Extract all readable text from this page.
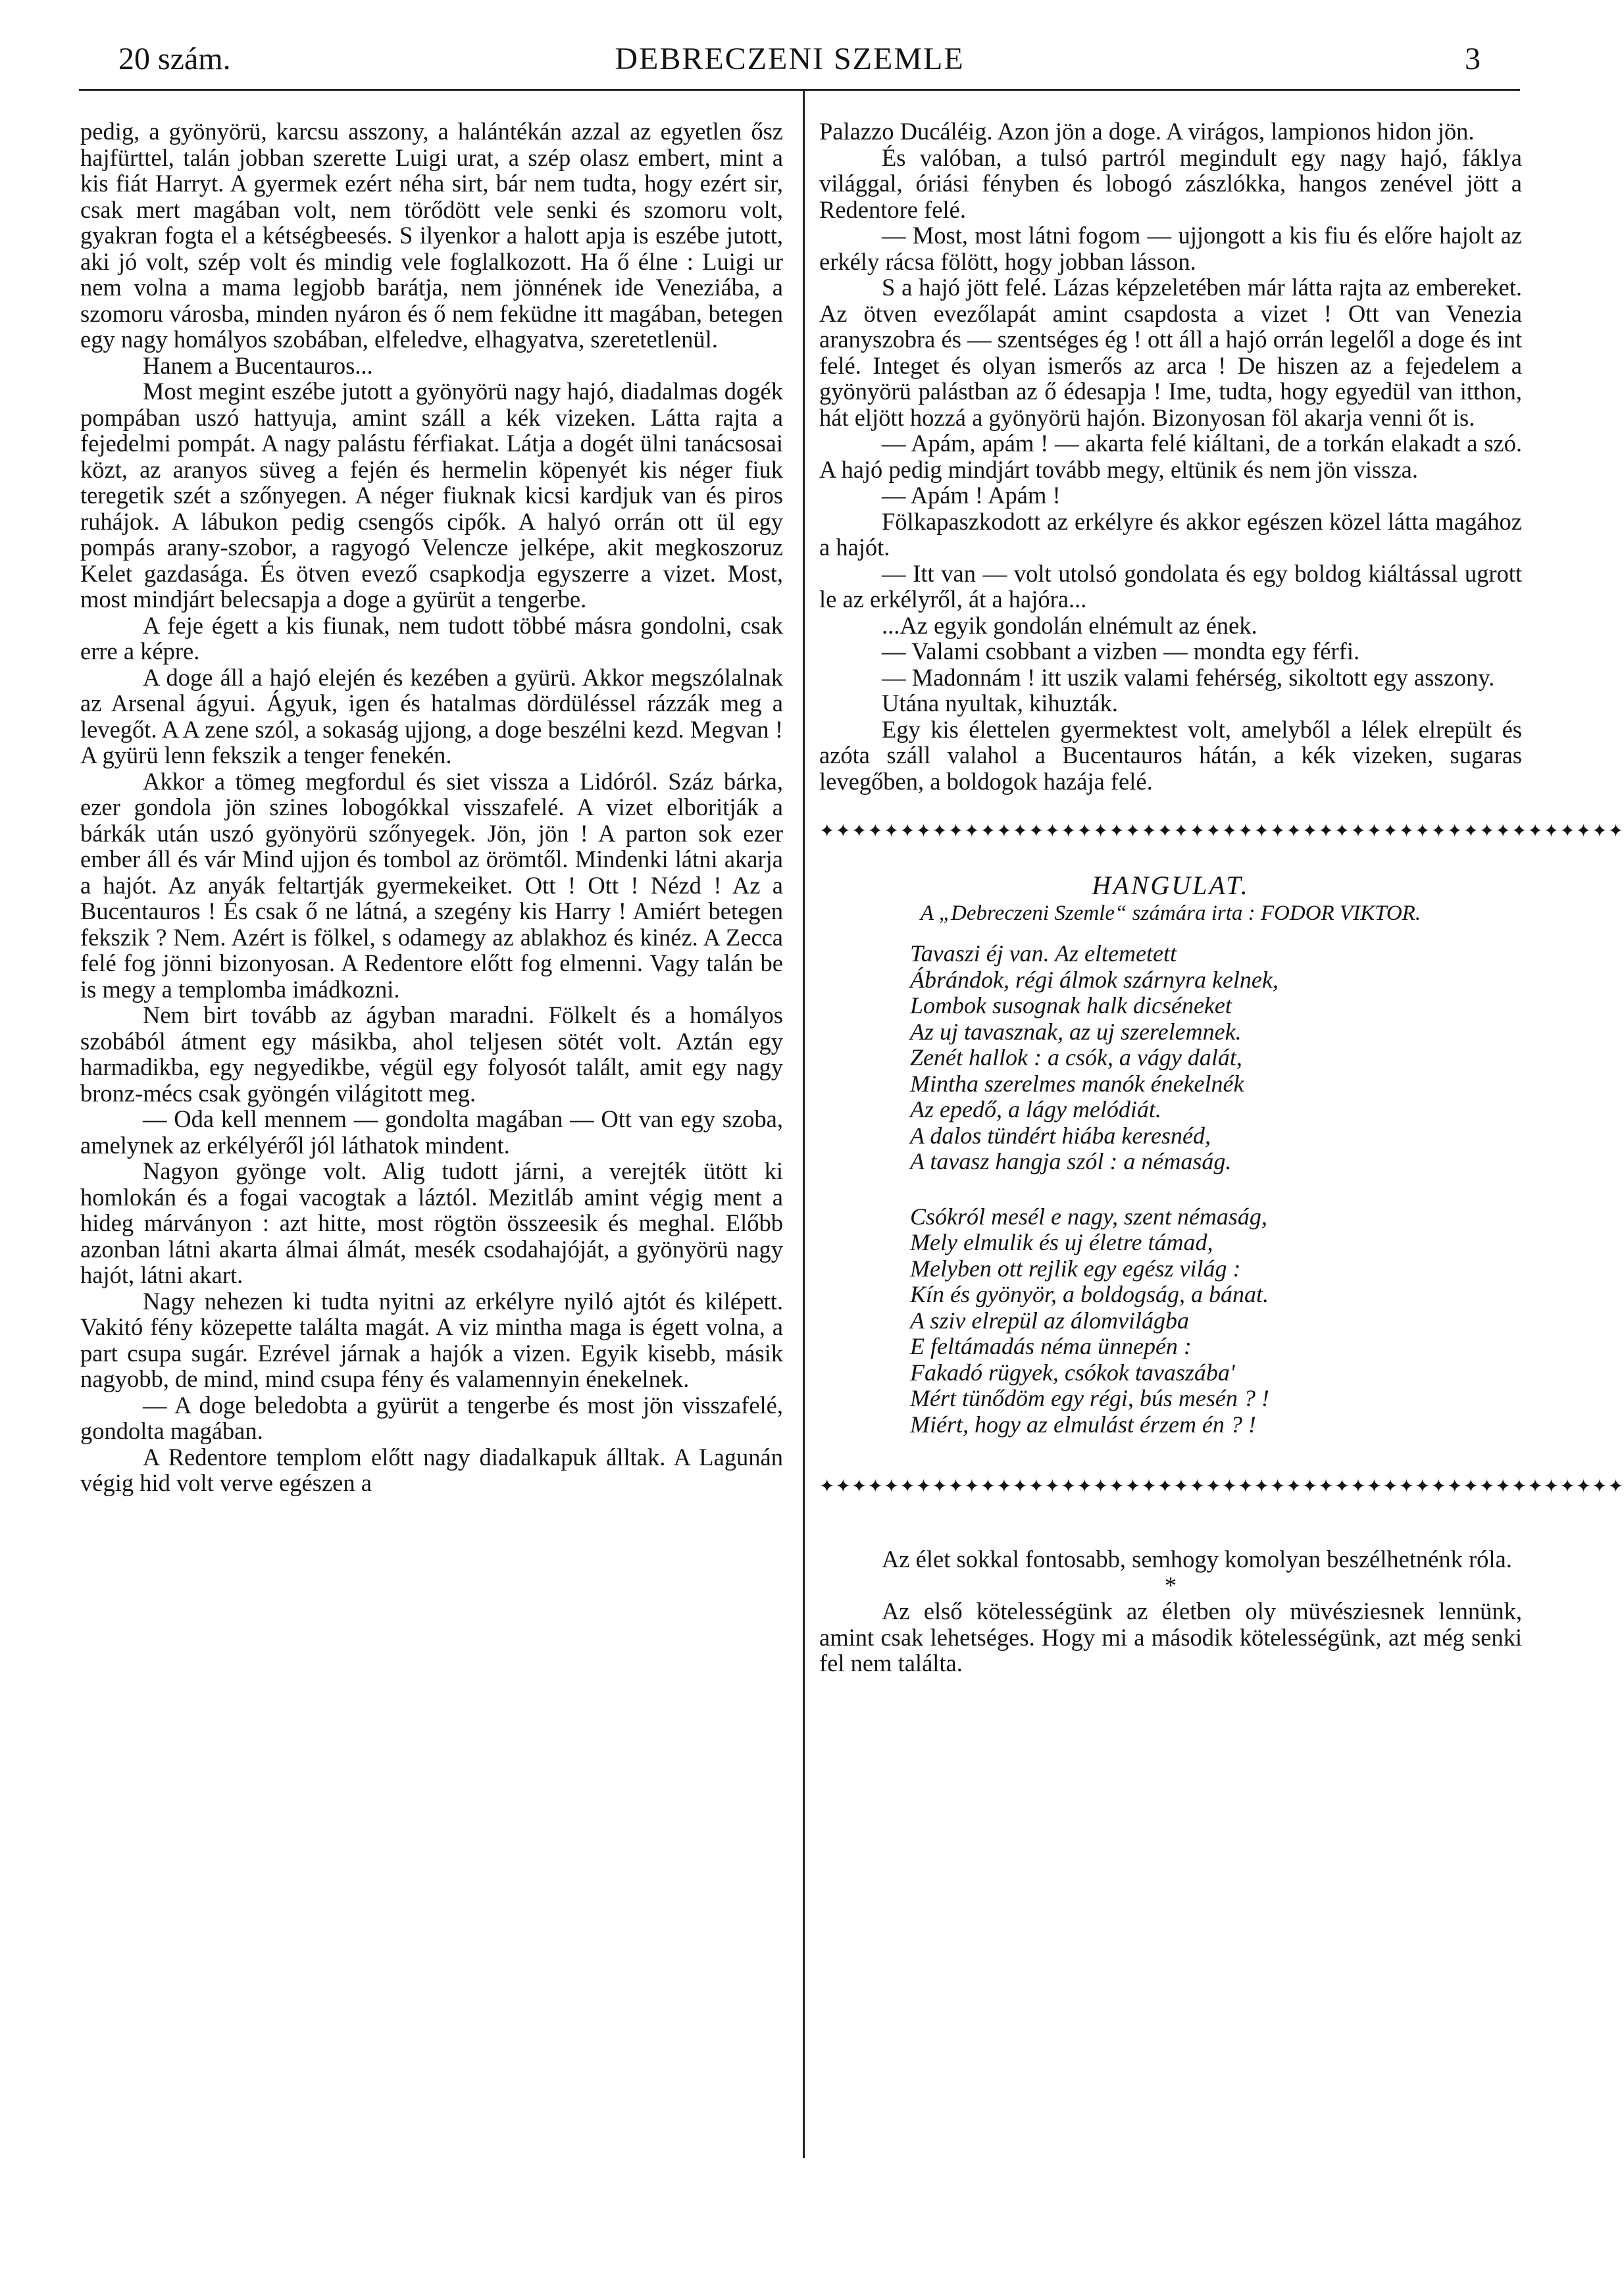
20 szám.	DEBRECZENI SZEMLE	3

pedig, a gyönyörü, karcsu asszony, a halántékán azzal az egyetlen ősz hajfürttel, talán jobban szerette Luigi urat, a szép olasz embert, mint a kis fiát Harryt. A gyermek ezért néha sirt, bár nem tudta, hogy ezért sir, csak mert magában volt, nem törődött vele senki és szomoru volt, gyakran fogta el a kétségbeesés. S ilyenkor a halott apja is eszébe jutott, aki jó volt, szép volt és mindig vele foglalkozott. Ha ő élne : Luigi ur nem volna a mama legjobb barátja, nem jönnének ide Veneziába, a szomoru városba, minden nyáron és ő nem feküdne itt magában, betegen egy nagy homályos szobában, elfeledve, elhagyatva, szeretetlenül.

Hanem a Bucentauros...

Most megint eszébe jutott a gyönyörü nagy hajó, diadalmas dogék pompában uszó hattyuja, amint száll a kék vizeken. Látta rajta a fejedelmi pompát. A nagy palástu férfiakat. Látja a dogét ülni tanácsosai közt, az aranyos süveg a fején és hermelin köpenyét kis néger fiuk teregetik szét a szőnyegen. A néger fiuknak kicsi kardjuk van és piros ruhájok. A lábukon pedig csengős cipők. A halyó orrán ott ül egy pompás arany-szobor, a ragyogó Velencze jelképe, akit megkoszoruz Kelet gazdasága. És ötven evező csapkodja egyszerre a vizet. Most, most mindjárt belecsapja a doge a gyürüt a tengerbe.

A feje égett a kis fiunak, nem tudott többé másra gondolni, csak erre a képre.

A doge áll a hajó elején és kezében a gyürü. Akkor megszólalnak az Arsenal ágyui. Ágyuk, igen és hatalmas dördüléssel rázzák meg a levegőt. A A zene szól, a sokaság ujjong, a doge beszélni kezd. Megvan ! A gyürü lenn fekszik a tenger fenekén.

Akkor a tömeg megfordul és siet vissza a Lidóról. Száz bárka, ezer gondola jön szines lobogókkal visszafelé. A vizet elboritják a bárkák után uszó gyönyörü szőnyegek. Jön, jön ! A parton sok ezer ember áll és vár Mind ujjon és tombol az örömtől. Mindenki látni akarja a hajót. Az anyák feltartják gyermekeiket. Ott ! Ott ! Nézd ! Az a Bucentauros ! És csak ő ne látná, a szegény kis Harry ! Amiért betegen fekszik ? Nem. Azért is fölkel, s odamegy az ablakhoz és kinéz. A Zecca felé fog jönni bizonyosan. A Redentore előtt fog elmenni. Vagy talán be is megy a templomba imádkozni.

Nem birt tovább az ágyban maradni. Fölkelt és a homályos szobából átment egy másikba, ahol teljesen sötét volt. Aztán egy harmadikba, egy negyedikbe, végül egy folyosót talált, amit egy nagy bronz-mécs csak gyöngén világitott meg.

— Oda kell mennem — gondolta magában — Ott van egy szoba, amelynek az erkélyéről jól láthatok mindent.

Nagyon gyönge volt. Alig tudott járni, a verejték ütött ki homlokán és a fogai vacogtak a láztól. Mezitláb amint végig ment a hideg márványon : azt hitte, most rögtön összeesik és meghal. Előbb azonban látni akarta álmai álmát, mesék csodahajóját, a gyönyörü nagy hajót, látni akart.

Nagy nehezen ki tudta nyitni az erkélyre nyiló ajtót és kilépett. Vakitó fény közepette találta magát. A viz mintha maga is égett volna, a part csupa sugár. Ezrével járnak a hajók a vizen. Egyik kisebb, másik nagyobb, de mind, mind csupa fény és valamennyin énekelnek.

— A doge beledobta a gyürüt a tengerbe és most jön visszafelé, gondolta magában.

A Redentore templom előtt nagy diadalkapuk álltak. A Lagunán végig hid volt verve egészen a

Palazzo Ducáléig. Azon jön a doge. A virágos, lampionos hidon jön.

És valóban, a tulsó partról megindult egy nagy hajó, fáklya világgal, óriási fényben és lobogó zászlókka, hangos zenével jött a Redentore felé.

— Most, most látni fogom — ujjongott a kis fiu és előre hajolt az erkély rácsa fölött, hogy jobban lásson.

S a hajó jött felé. Lázas képzeletében már látta rajta az embereket. Az ötven evezőlapát amint csapdosta a vizet ! Ott van Venezia aranyszobra és — szentséges ég ! ott áll a hajó orrán legelől a doge és int felé. Integet és olyan ismerős az arca ! De hiszen az a fejedelem a gyönyörü palástban az ő édesapja ! Ime, tudta, hogy egyedül van itthon, hát eljött hozzá a gyönyörü hajón. Bizonyosan föl akarja venni őt is.

— Apám, apám ! — akarta felé kiáltani, de a torkán elakadt a szó. A hajó pedig mindjárt tovább megy, eltünik és nem jön vissza.

— Apám ! Apám !

Fölkapaszkodott az erkélyre és akkor egészen közel látta magához a hajót.

— Itt van — volt utolsó gondolata és egy boldog kiáltással ugrott le az erkélyről, át a hajóra...

...Az egyik gondolán elnémult az ének.

— Valami csobbant a vizben — mondta egy férfi.

— Madonnám ! itt uszik valami fehérség, sikoltott egy asszony.

Utána nyultak, kihuzták.

Egy kis élettelen gyermektest volt, amelyből a lélek elrepült és azóta száll valahol a Bucentauros hátán, a kék vizeken, sugaras levegőben, a boldogok hazája felé.

✦✦✦✦✦✦✦✦✦✦✦✦✦✦✦✦✦✦✦✦✦✦✦✦✦✦✦✦✦✦✦✦✦✦✦✦✦✦✦✦✦✦✦✦✦✦✦✦✦✦
HANGULAT.
A „Debreczeni Szemle“ számára irta : FODOR VIKTOR.
Tavaszi éj van. Az eltemetett
Ábrándok, régi álmok szárnyra kelnek,
Lombok susognak halk dicséneket
Az uj tavasznak, az uj szerelemnek.
Zenét hallok : a csók, a vágy dalát,
Mintha szerelmes manók énekelnék
Az epedő, a lágy melódiát.
A dalos tündért hiába keresnéd,
A tavasz hangja szól : a némaság.
Csókról mesél e nagy, szent némaság,
Mely elmulik és uj életre támad,
Melyben ott rejlik egy egész világ :
Kín és gyönyör, a boldogság, a bánat.
A sziv elrepül az álomvilágba
E feltámadás néma ünnepén :
Fakadó rügyek, csókok tavaszába'
Mért tünődöm egy régi, bús mesén ? !
Miért, hogy az elmulást érzem én ? !
✦✦✦✦✦✦✦✦✦✦✦✦✦✦✦✦✦✦✦✦✦✦✦✦✦✦✦✦✦✦✦✦✦✦✦✦✦✦✦✦✦✦✦✦✦✦✦✦✦✦

Az élet sokkal fontosabb, semhogy komolyan beszélhetnénk róla.

*

Az első kötelességünk az életben oly müvésziesnek lennünk, amint csak lehetséges. Hogy mi a második kötelességünk, azt még senki fel nem találta.
